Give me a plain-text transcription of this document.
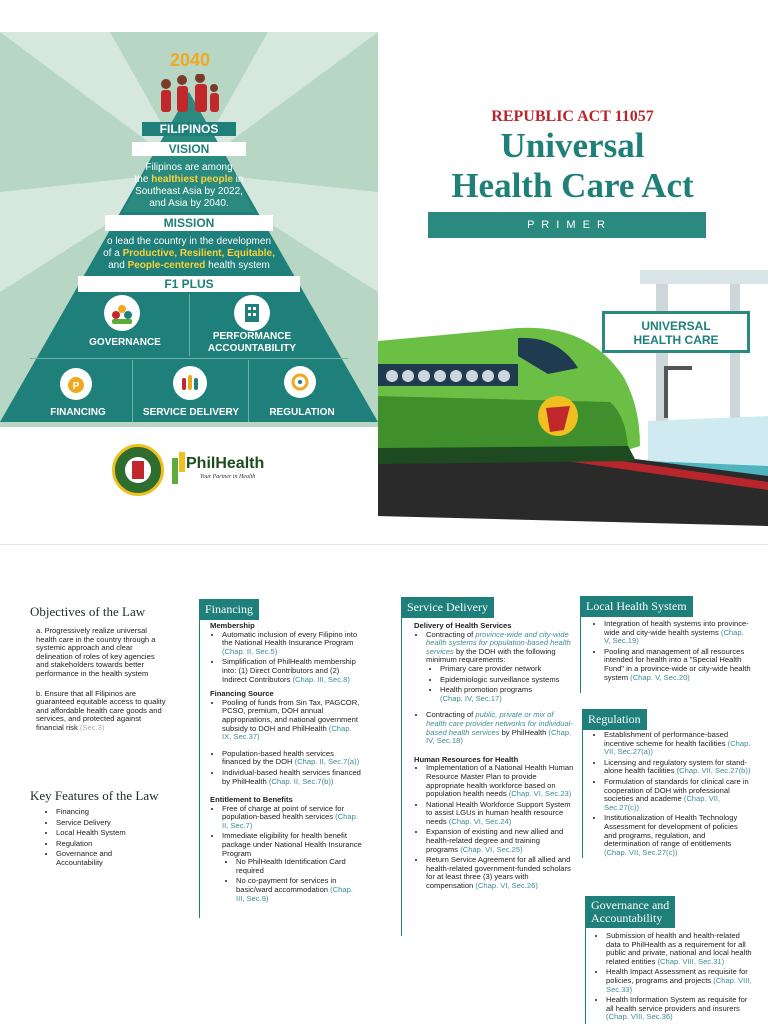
2040
FILIPINOS
VISION
Filipinos are among
the healthiest people in
Southeast Asia by 2022,
and Asia by 2040.
MISSION
o lead the country in the developmen
of a Productive, Resilient, Equitable,
and People-centered health system
F1 PLUS
GOVERNANCE
PERFORMANCE
ACCOUNTABILITY
P
FINANCING	SERVICE DELIVERY	REGULATION
PhilHealth
Your Partner in Health
REPUBLIC ACT 11057
Universal
Health Care Act
P R I M E R
UNIVERSAL
HEALTH CARE
Objectives of the Law
a. Progressively realize universal health care in the country through a systemic approach and clear delineation of roles of key agencies and stakeholders towards better performance in the health system
b. Ensure that all Filipinos are guaranteed equitable access to quality and affordable health care goods and services, and protected against financial risk (Sec.3)
Key Features of the Law
• Financing
• Service Delivery
• Local Health System
• Regulation
• Governance and Accountability
Financing
Membership
• Automatic inclusion of every Filipino into the National Health Insurance Program (Chap. II, Sec.5)
• Simplification of PhilHealth membership into: (1) Direct Contributors and (2) Indirect Contributors (Chap. III, Sec.8)
Financing Source
• Pooling of funds from Sin Tax, PAGCOR, PCSO, premium, DOH annual appropriations, and national government subsidy to DOH and PhilHealth (Chap. IX, Sec.37)
• Population-based health services financed by the DOH (Chap. II, Sec.7(a))
• Individual-based health services financed by PhilHealth (Chap. II, Sec.7(b))
Entitlement to Benefits
• Free of charge at point of service for population-based health services (Chap. II, Sec.7)
• Immediate eligibility for health benefit package under National Health Insurance Program
• No PhilHealth Identification Card required
• No co-payment for services in basic/ward accommodation (Chap. III, Sec.9)
Service Delivery
Delivery of Health Services
• Contracting of province-wide and city-wide health systems for population-based health services by the DOH with the following minimum requirements:
• Primary care provider network
• Epidemiologic surveillance systems
• Health promotion programs
(Chap. IV, Sec.17)
• Contracting of public, private or mix of health care provider networks for individual-based health services by PhilHealth (Chap. IV, Sec.18)
Human Resources for Health
• Implementation of a National Health Human Resource Master Plan to provide appropriate health workforce based on population health needs (Chap. VI, Sec.23)
• National Health Workforce Support System to assist LGUs in human health resource needs (Chap. VI, Sec.24)
• Expansion of existing and new allied and health-related degree and training programs (Chap. VI, Sec.25)
• Return Service Agreement for all allied and health-related government-funded scholars for at least three (3) years with compensation (Chap. VI, Sec.26)
Local Health System
• Integration of health systems into province- wide and city-wide health systems (Chap. V, Sec.19)
• Pooling and management of all resources intended for health into a "Special Health Fund" in a province-wide or city-wide health system (Chap. V, Sec.20)
Regulation
• Establishment of performance-based incentive scheme for health facilities (Chap. VII, Sec.27(a))
• Licensing and regulatory system for stand-alone health facilities (Chap. VII, Sec.27(b))
• Formulation of standards for clinical care in cooperation of DOH with professional societies and academe (Chap. VII, Sec.27(c))
• Institutionalization of Health Technology Assessment for development of policies and programs, regulation, and determination of range of entitlements (Chap. VII, Sec.27(c))
Governance and
Accountability
• Submission of health and health-related data to PhilHealth as a requirement for all public and private, national and local health related entities (Chap. VIII, Sec.31)
• Health Impact Assessment as requisite for policies, programs and projects (Chap. VIII, Sec.33)
• Health Information System as requisite for all health service providers and insurers (Chap. VIII, Sec.36)
